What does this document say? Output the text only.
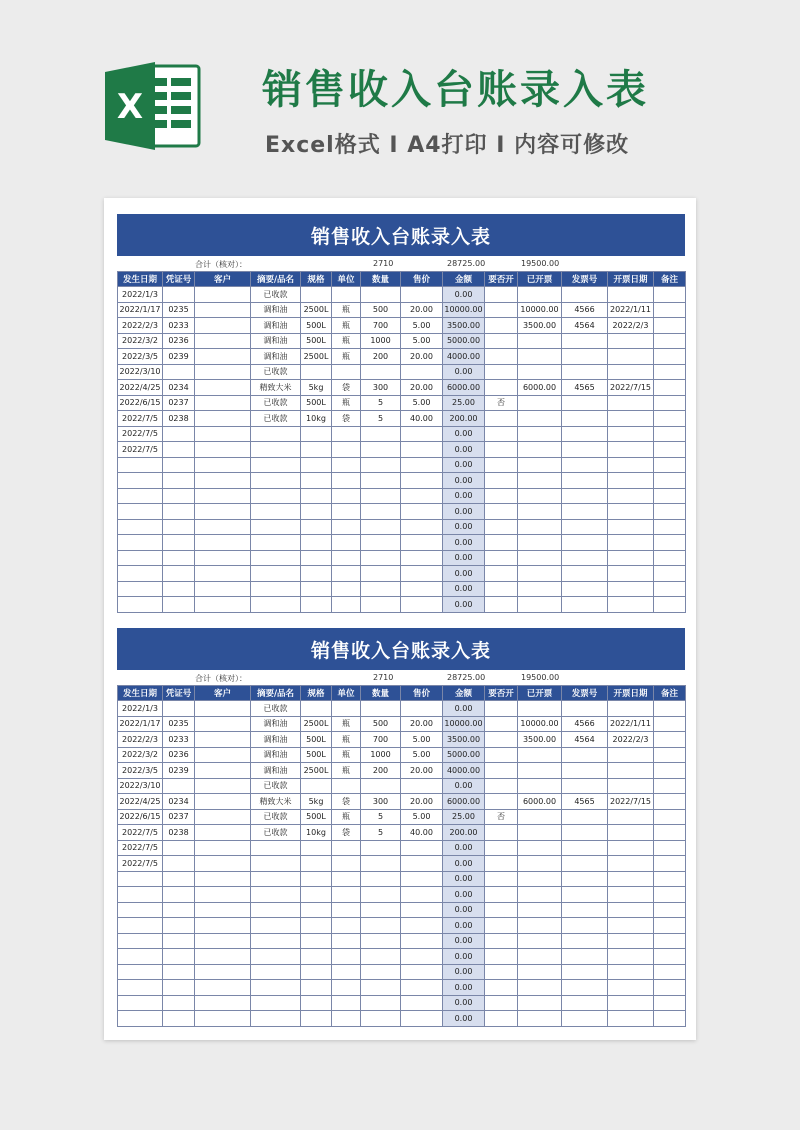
X	销售收入台账录入表
Excel格式 I A4打印 I 内容可修改
销售收入台账录入表
合计（核对）：	2710	28725.00	19500.00
发生日期	凭证号	客户	摘要/品名	规格	单位	数量	售价	金额	要否开	已开票	发票号	开票日期	备注
2022/1/3			已收款					0.00					
2022/1/17	0235		调和油	2500L	瓶	500	20.00	10000.00		10000.00	4566	2022/1/11	
2022/2/3	0233		调和油	500L	瓶	700	5.00	3500.00		3500.00	4564	2022/2/3	
2022/3/2	0236		调和油	500L	瓶	1000	5.00	5000.00					
2022/3/5	0239		调和油	2500L	瓶	200	20.00	4000.00					
2022/3/10			已收款					0.00					
2022/4/25	0234		精致大米	5kg	袋	300	20.00	6000.00		6000.00	4565	2022/7/15	
2022/6/15	0237		已收款	500L	瓶	5	5.00	25.00	否				
2022/7/5	0238		已收款	10kg	袋	5	40.00	200.00					
2022/7/5								0.00					
2022/7/5								0.00					
								0.00					
								0.00					
								0.00					
								0.00					
								0.00					
								0.00					
								0.00					
								0.00					
								0.00					
								0.00					
销售收入台账录入表
合计（核对）：	2710	28725.00	19500.00
发生日期	凭证号	客户	摘要/品名	规格	单位	数量	售价	金额	要否开	已开票	发票号	开票日期	备注
2022/1/3			已收款					0.00					
2022/1/17	0235		调和油	2500L	瓶	500	20.00	10000.00		10000.00	4566	2022/1/11	
2022/2/3	0233		调和油	500L	瓶	700	5.00	3500.00		3500.00	4564	2022/2/3	
2022/3/2	0236		调和油	500L	瓶	1000	5.00	5000.00					
2022/3/5	0239		调和油	2500L	瓶	200	20.00	4000.00					
2022/3/10			已收款					0.00					
2022/4/25	0234		精致大米	5kg	袋	300	20.00	6000.00		6000.00	4565	2022/7/15	
2022/6/15	0237		已收款	500L	瓶	5	5.00	25.00	否				
2022/7/5	0238		已收款	10kg	袋	5	40.00	200.00					
2022/7/5								0.00					
2022/7/5								0.00					
								0.00					
								0.00					
								0.00					
								0.00					
								0.00					
								0.00					
								0.00					
								0.00					
								0.00					
								0.00					
